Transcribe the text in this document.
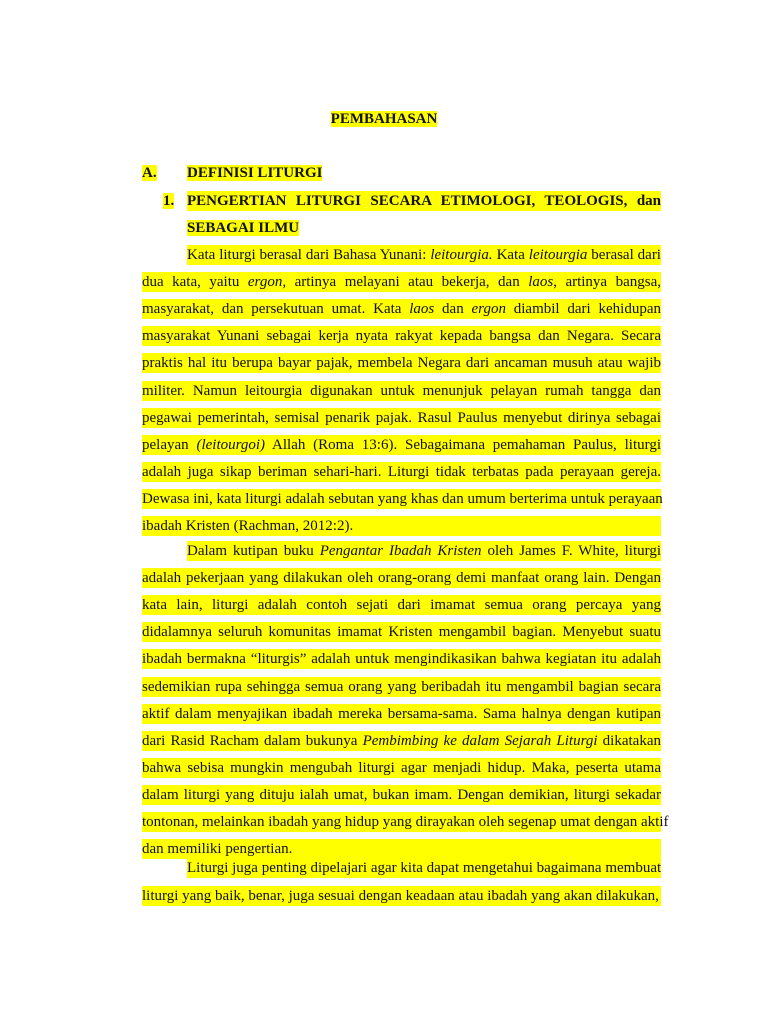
PEMBAHASAN
A. DEFINISI LITURGI
1. PENGERTIAN LITURGI SECARA ETIMOLOGI, TEOLOGIS, dan
SEBAGAI ILMU
Kata liturgi berasal dari Bahasa Yunani: leitourgia. Kata leitourgia berasal dari
dua kata, yaitu ergon, artinya melayani atau bekerja, dan laos, artinya bangsa,
masyarakat, dan persekutuan umat. Kata laos dan ergon diambil dari kehidupan
masyarakat Yunani sebagai kerja nyata rakyat kepada bangsa dan Negara. Secara
praktis hal itu berupa bayar pajak, membela Negara dari ancaman musuh atau wajib
militer. Namun leitourgia digunakan untuk menunjuk pelayan rumah tangga dan
pegawai pemerintah, semisal penarik pajak. Rasul Paulus menyebut dirinya sebagai
pelayan (leitourgoi) Allah (Roma 13:6). Sebagaimana pemahaman Paulus, liturgi
adalah juga sikap beriman sehari-hari. Liturgi tidak terbatas pada perayaan gereja.
Dewasa ini, kata liturgi adalah sebutan yang khas dan umum berterima untuk perayaan
ibadah Kristen (Rachman, 2012:2).
Dalam kutipan buku Pengantar Ibadah Kristen oleh James F. White, liturgi
adalah pekerjaan yang dilakukan oleh orang-orang demi manfaat orang lain. Dengan
kata lain, liturgi adalah contoh sejati dari imamat semua orang percaya yang
didalamnya seluruh komunitas imamat Kristen mengambil bagian. Menyebut suatu
ibadah bermakna “liturgis” adalah untuk mengindikasikan bahwa kegiatan itu adalah
sedemikian rupa sehingga semua orang yang beribadah itu mengambil bagian secara
aktif dalam menyajikan ibadah mereka bersama-sama. Sama halnya dengan kutipan
dari Rasid Racham dalam bukunya Pembimbing ke dalam Sejarah Liturgi dikatakan
bahwa sebisa mungkin mengubah liturgi agar menjadi hidup. Maka, peserta utama
dalam liturgi yang dituju ialah umat, bukan imam. Dengan demikian, liturgi sekadar
tontonan, melainkan ibadah yang hidup yang dirayakan oleh segenap umat dengan aktif
dan memiliki pengertian.
Liturgi juga penting dipelajari agar kita dapat mengetahui bagaimana membuat
liturgi yang baik, benar, juga sesuai dengan keadaan atau ibadah yang akan dilakukan,
